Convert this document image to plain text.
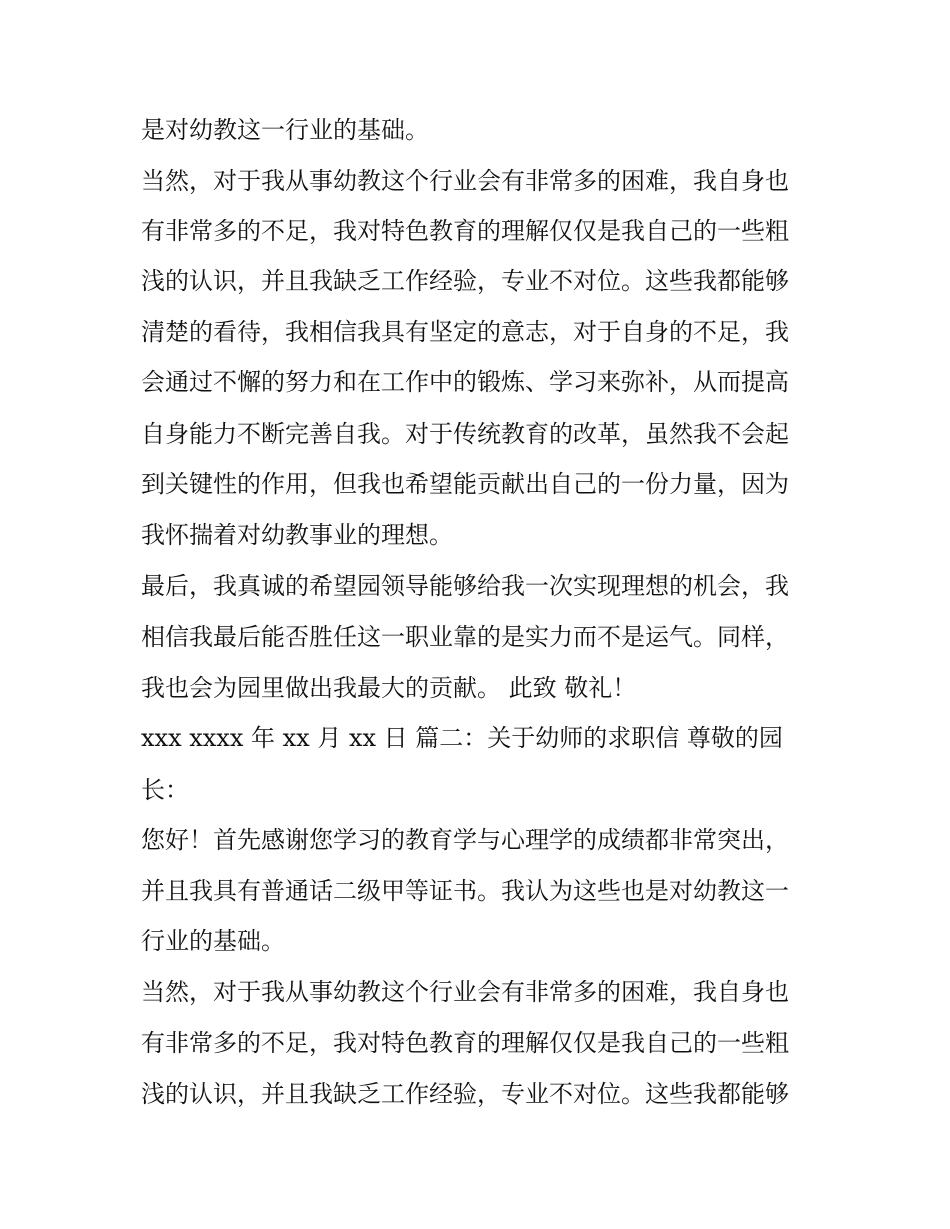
是对幼教这一行业的基础。

当然，对于我从事幼教这个行业会有非常多的困难，我自身也

有非常多的不足，我对特色教育的理解仅仅是我自己的一些粗

浅的认识，并且我缺乏工作经验，专业不对位。这些我都能够

清楚的看待，我相信我具有坚定的意志，对于自身的不足，我

会通过不懈的努力和在工作中的锻炼、学习来弥补，从而提高

自身能力不断完善自我。对于传统教育的改革，虽然我不会起

到关键性的作用，但我也希望能贡献出自己的一份力量，因为

我怀揣着对幼教事业的理想。

最后，我真诚的希望园领导能够给我一次实现理想的机会，我

相信我最后能否胜任这一职业靠的是实力而不是运气。同样，

我也会为园里做出我最大的贡献。 此致 敬礼！

xxx xxxx 年 xx 月 xx 日 篇二：关于幼师的求职信 尊敬的园

长：

您好！首先感谢您学习的教育学与心理学的成绩都非常突出，

并且我具有普通话二级甲等证书。我认为这些也是对幼教这一

行业的基础。

当然，对于我从事幼教这个行业会有非常多的困难，我自身也

有非常多的不足，我对特色教育的理解仅仅是我自己的一些粗

浅的认识，并且我缺乏工作经验，专业不对位。这些我都能够
